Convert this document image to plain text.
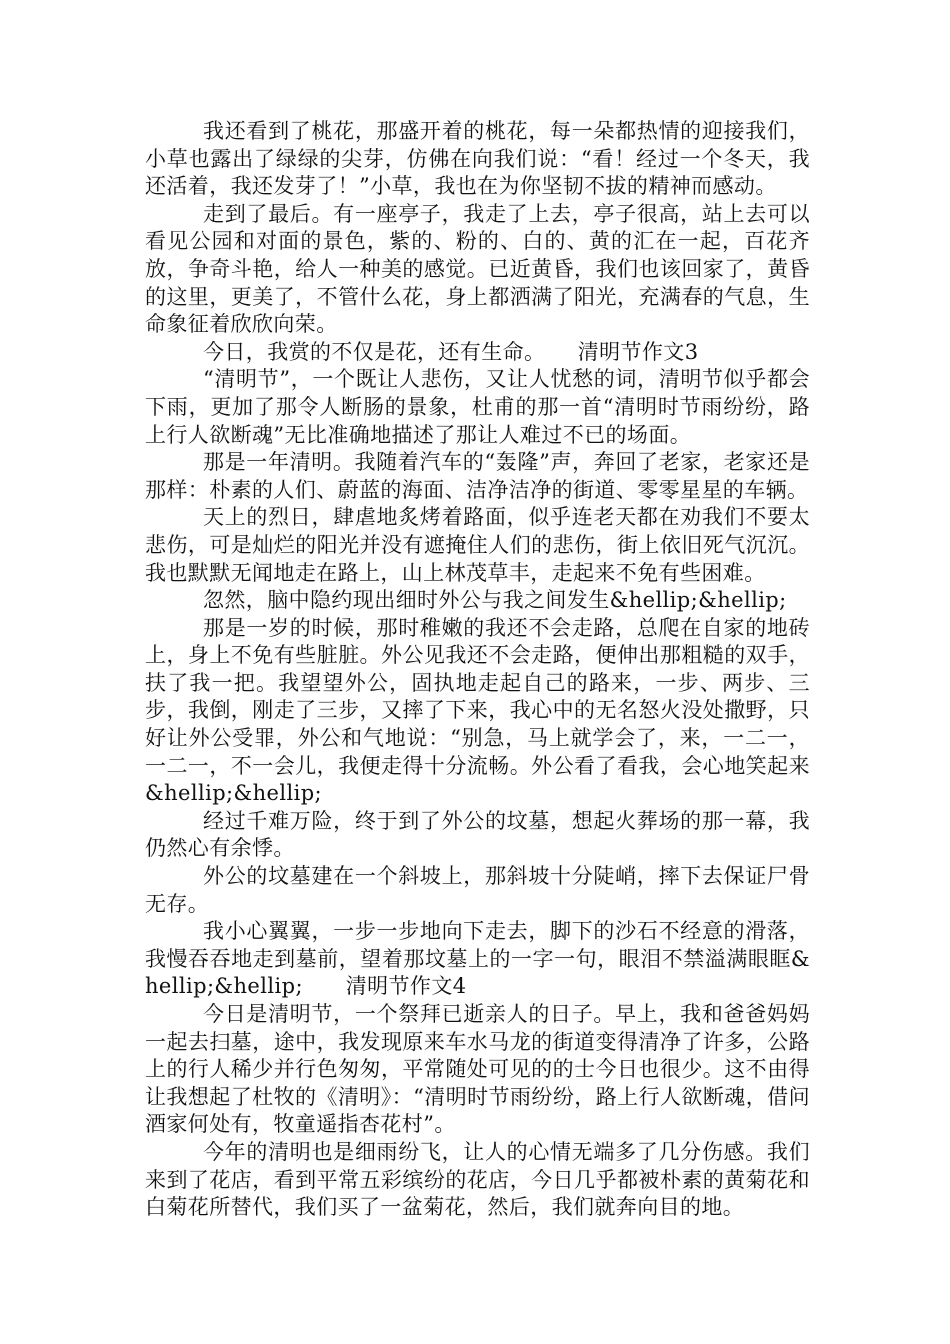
我还看到了桃花，那盛开着的桃花，每一朵都热情的迎接我们，小草也露出了绿绿的尖芽，仿佛在向我们说：“看！经过一个冬天，我还活着，我还发芽了！”小草，我也在为你坚韧不拔的精神而感动。

走到了最后。有一座亭子，我走了上去，亭子很高，站上去可以看见公园和对面的景色，紫的、粉的、白的、黄的汇在一起，百花齐放，争奇斗艳，给人一种美的感觉。已近黄昏，我们也该回家了，黄昏的这里，更美了，不管什么花，身上都洒满了阳光，充满春的气息，生命象征着欣欣向荣。

今日，我赏的不仅是花，还有生命。　　清明节作文3

“清明节”，一个既让人悲伤，又让人忧愁的词，清明节似乎都会下雨，更加了那令人断肠的景象，杜甫的那一首“清明时节雨纷纷，路上行人欲断魂”无比准确地描述了那让人难过不已的场面。

那是一年清明。我随着汽车的“轰隆”声，奔回了老家，老家还是那样：朴素的人们、蔚蓝的海面、洁净洁净的街道、零零星星的车辆。

天上的烈日，肆虐地炙烤着路面，似乎连老天都在劝我们不要太悲伤，可是灿烂的阳光并没有遮掩住人们的悲伤，街上依旧死气沉沉。我也默默无闻地走在路上，山上林茂草丰，走起来不免有些困难。

忽然，脑中隐约现出细时外公与我之间发生&hellip;&hellip;

那是一岁的时候，那时稚嫩的我还不会走路，总爬在自家的地砖上，身上不免有些脏脏。外公见我还不会走路，便伸出那粗糙的双手，扶了我一把。我望望外公，固执地走起自己的路来，一步、两步、三步，我倒，刚走了三步，又摔了下来，我心中的无名怒火没处撒野，只好让外公受罪，外公和气地说：“别急，马上就学会了，来，一二一，一二一，不一会儿，我便走得十分流畅。外公看了看我，会心地笑起来&hellip;&hellip;

经过千难万险，终于到了外公的坟墓，想起火葬场的那一幕，我仍然心有余悸。

外公的坟墓建在一个斜坡上，那斜坡十分陡峭，摔下去保证尸骨无存。

我小心翼翼，一步一步地向下走去，脚下的沙石不经意的滑落，我慢吞吞地走到墓前，望着那坟墓上的一字一句，眼泪不禁溢满眼眶&hellip;&hellip;　　清明节作文4

今日是清明节，一个祭拜已逝亲人的日子。早上，我和爸爸妈妈一起去扫墓，途中，我发现原来车水马龙的街道变得清净了许多，公路上的行人稀少并行色匆匆，平常随处可见的的士今日也很少。这不由得让我想起了杜牧的《清明》：“清明时节雨纷纷，路上行人欲断魂，借问酒家何处有，牧童遥指杏花村”。

今年的清明也是细雨纷飞，让人的心情无端多了几分伤感。我们来到了花店，看到平常五彩缤纷的花店，今日几乎都被朴素的黄菊花和白菊花所替代，我们买了一盆菊花，然后，我们就奔向目的地。
